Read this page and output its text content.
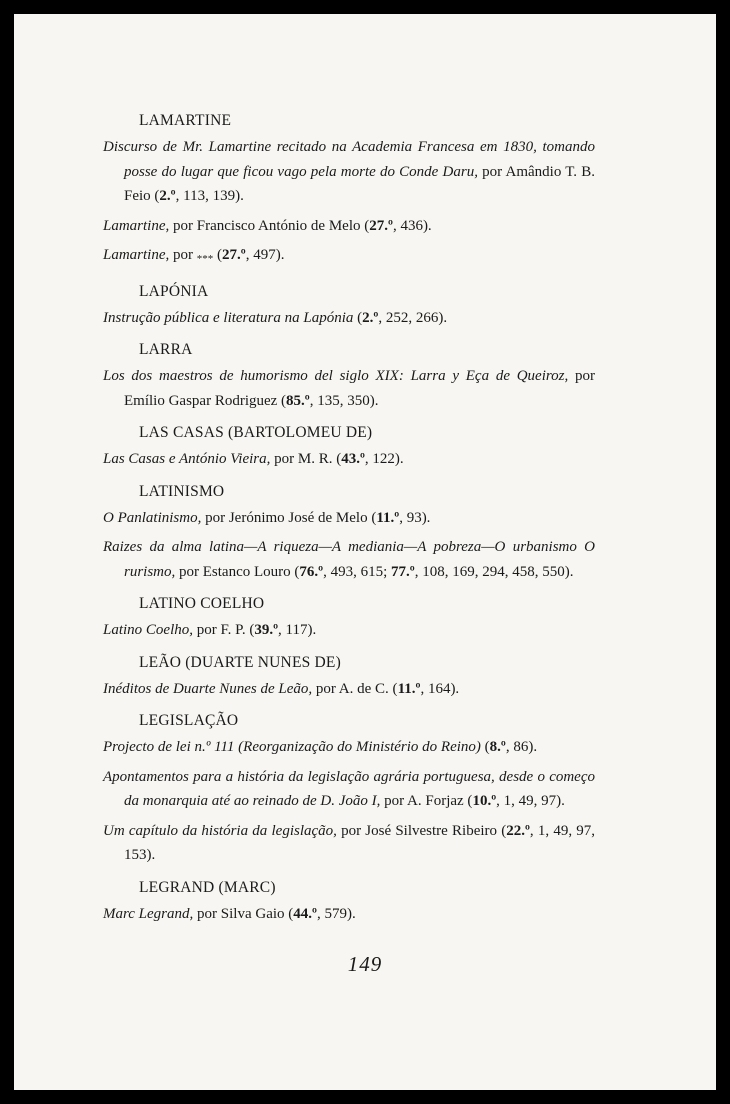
LAMARTINE
Discurso de Mr. Lamartine recitado na Academia Francesa em 1830, tomando posse do lugar que ficou vago pela morte do Conde Daru, por Amândio T. B. Feio (2.º, 113, 139).
Lamartine, por Francisco António de Melo (27.º, 436).
Lamartine, por $_{***}$ (27.º, 497).
LAPÓNIA
Instrução pública e literatura na Lapónia (2.º, 252, 266).
LARRA
Los dos maestros de humorismo del siglo XIX: Larra y Eça de Queiroz, por Emílio Gaspar Rodriguez (85.º, 135, 350).
LAS CASAS (BARTOLOMEU DE)
Las Casas e António Vieira, por M. R. (43.º, 122).
LATINISMO
O Panlatinismo, por Jerónimo José de Melo (11.º, 93).
Raizes da alma latina—A riqueza—A mediania—A pobreza—O urbanismo O rurismo, por Estanco Louro (76.º, 493, 615; 77.º, 108, 169, 294, 458, 550).
LATINO COELHO
Latino Coelho, por F. P. (39.º, 117).
LEÃO (DUARTE NUNES DE)
Inéditos de Duarte Nunes de Leão, por A. de C. (11.º, 164).
LEGISLAÇÃO
Projecto de lei n.º 111 (Reorganização do Ministério do Reino) (8.º, 86).
Apontamentos para a história da legislação agrária portuguesa, desde o começo da monarquia até ao reinado de D. João I, por A. Forjaz (10.º, 1, 49, 97).
Um capítulo da história da legislação, por José Silvestre Ribeiro (22.º, 1, 49, 97, 153).
LEGRAND (MARC)
Marc Legrand, por Silva Gaio (44.º, 579).
149
